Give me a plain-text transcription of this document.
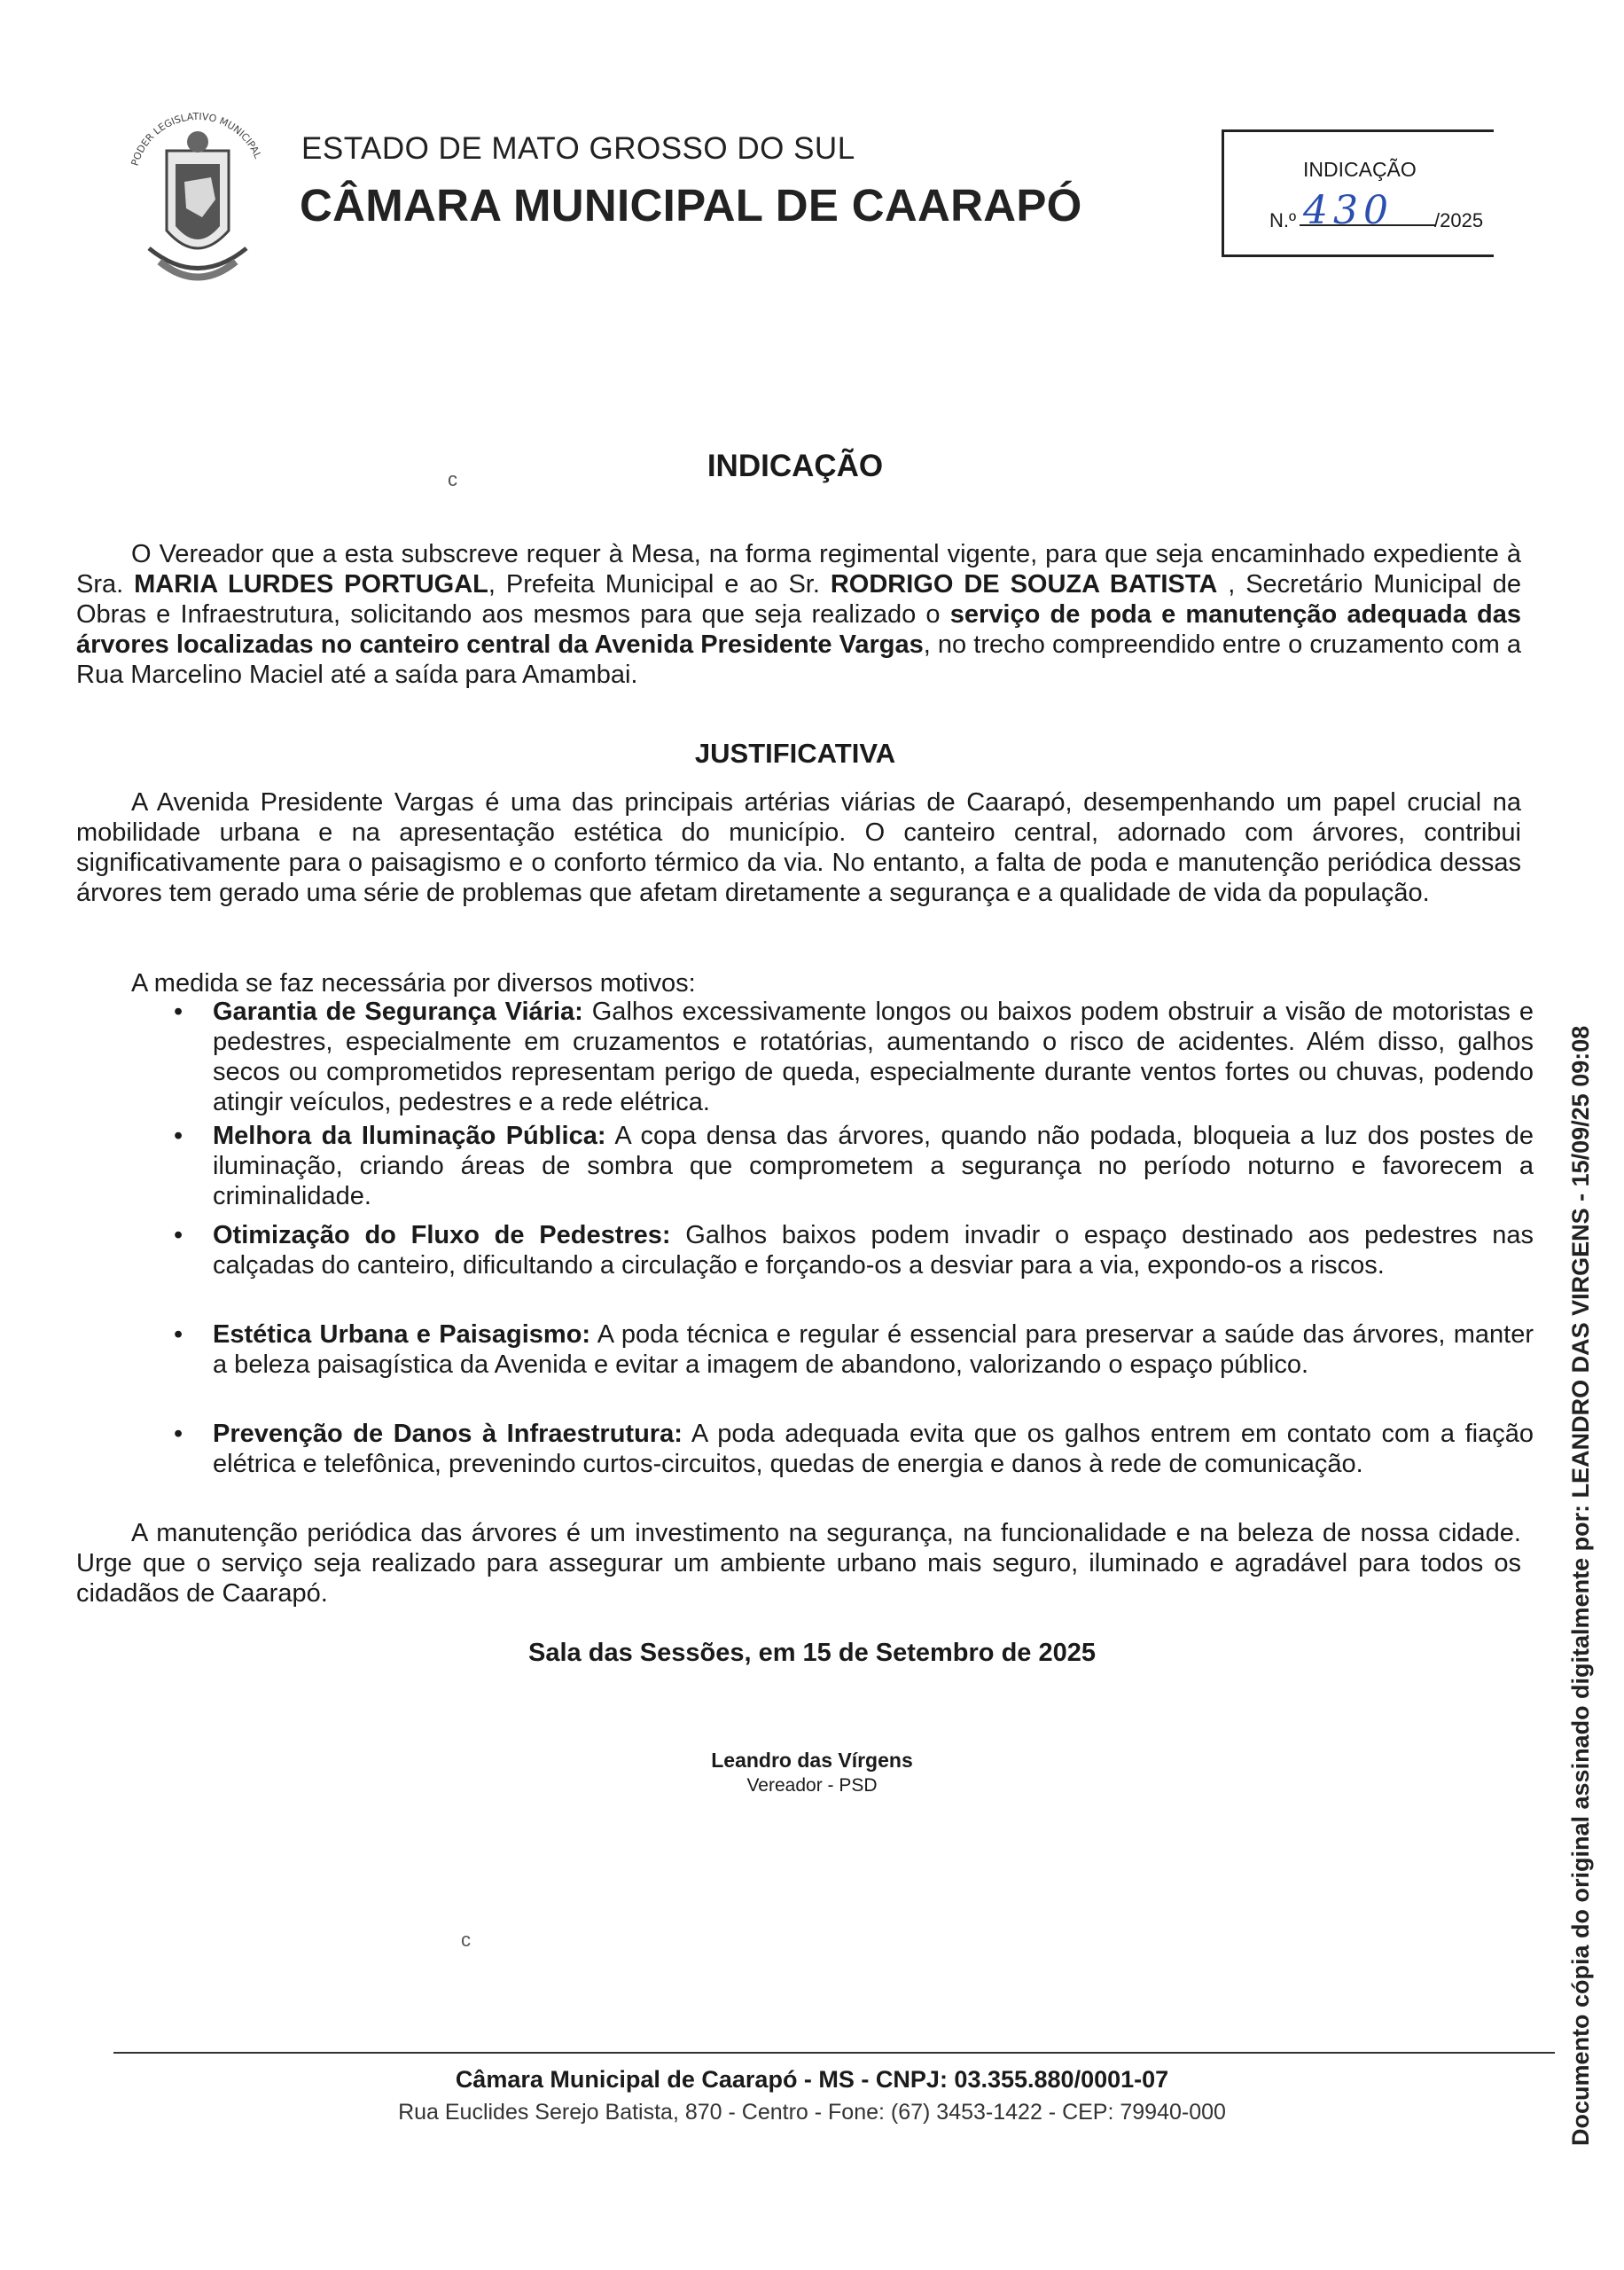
PODER LEGISLATIVO MUNICIPAL ESTADO DE MATO GROSSO DO SUL
CÂMARA MUNICIPAL DE CAARAPÓ
INDICAÇÃO
N.º 430 /2025
INDICAÇÃO
O Vereador que a esta subscreve requer à Mesa, na forma regimental vigente, para que seja encaminhado expediente à Sra. MARIA LURDES PORTUGAL, Prefeita Municipal e ao Sr. RODRIGO DE SOUZA BATISTA , Secretário Municipal de Obras e Infraestrutura, solicitando aos mesmos para que seja realizado o serviço de poda e manutenção adequada das árvores localizadas no canteiro central da Avenida Presidente Vargas, no trecho compreendido entre o cruzamento com a Rua Marcelino Maciel até a saída para Amambai.
JUSTIFICATIVA
A Avenida Presidente Vargas é uma das principais artérias viárias de Caarapó, desempenhando um papel crucial na mobilidade urbana e na apresentação estética do município. O canteiro central, adornado com árvores, contribui significativamente para o paisagismo e o conforto térmico da via. No entanto, a falta de poda e manutenção periódica dessas árvores tem gerado uma série de problemas que afetam diretamente a segurança e a qualidade de vida da população.
A medida se faz necessária por diversos motivos:
• Garantia de Segurança Viária: Galhos excessivamente longos ou baixos podem obstruir a visão de motoristas e pedestres, especialmente em cruzamentos e rotatórias, aumentando o risco de acidentes. Além disso, galhos secos ou comprometidos representam perigo de queda, especialmente durante ventos fortes ou chuvas, podendo atingir veículos, pedestres e a rede elétrica.
• Melhora da Iluminação Pública: A copa densa das árvores, quando não podada, bloqueia a luz dos postes de iluminação, criando áreas de sombra que comprometem a segurança no período noturno e favorecem a criminalidade.
• Otimização do Fluxo de Pedestres: Galhos baixos podem invadir o espaço destinado aos pedestres nas calçadas do canteiro, dificultando a circulação e forçando-os a desviar para a via, expondo-os a riscos.
• Estética Urbana e Paisagismo: A poda técnica e regular é essencial para preservar a saúde das árvores, manter a beleza paisagística da Avenida e evitar a imagem de abandono, valorizando o espaço público.
• Prevenção de Danos à Infraestrutura: A poda adequada evita que os galhos entrem em contato com a fiação elétrica e telefônica, prevenindo curtos-circuitos, quedas de energia e danos à rede de comunicação.
A manutenção periódica das árvores é um investimento na segurança, na funcionalidade e na beleza de nossa cidade. Urge que o serviço seja realizado para assegurar um ambiente urbano mais seguro, iluminado e agradável para todos os cidadãos de Caarapó.
Sala das Sessões, em 15 de Setembro de 2025
Leandro das Vírgens
Vereador - PSD
Câmara Municipal de Caarapó - MS - CNPJ: 03.355.880/0001-07
Rua Euclides Serejo Batista, 870 - Centro - Fone: (67) 3453-1422 - CEP: 79940-000	Documento cópia do original assinado digitalmente por: LEANDRO DAS VIRGENS - 15/09/25 09:08
c
c
